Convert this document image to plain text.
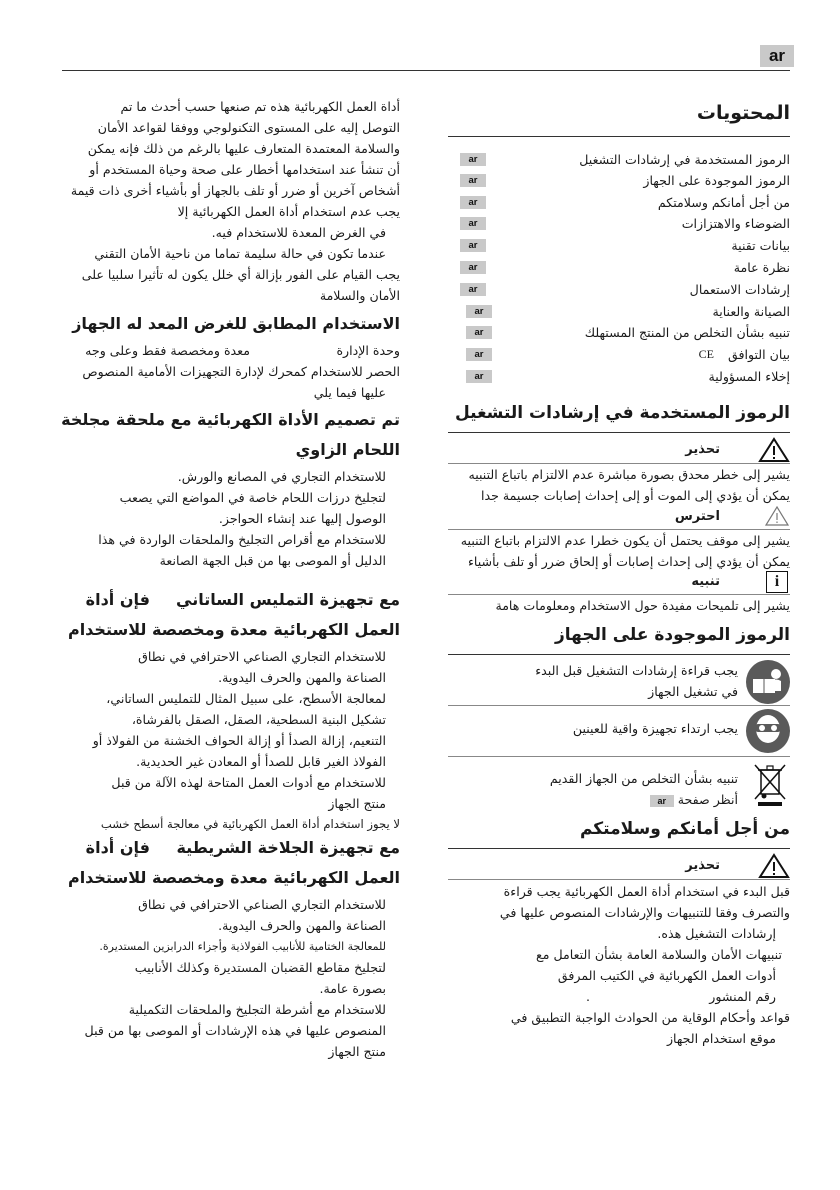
ar
أداة العمل الكهربائية هذه تم صنعها حسب أحدث ما تم
التوصل إليه على المستوى التكنولوجي ووفقا لقواعد الأمان
والسلامة المعتمدة المتعارف عليها بالرغم من ذلك فإنه يمكن
أن تنشأ عند استخدامها أخطار على صحة وحياة المستخدم أو
أشخاص آخرين أو ضرر أو تلف بالجهاز أو بأشياء أخرى ذات قيمة
يجب عدم استخدام أداة العمل الكهربائية إلا
في الغرض المعدة للاستخدام فيه.
عندما تكون في حالة سليمة تماما من ناحية الأمان التقني
يجب القيام على الفور بإزالة أي خلل يكون له تأثيرا سلبيا على
الأمان والسلامة
الاستخدام المطابق للغرض المعد له الجهاز
معدة ومخصصة فقط وعلى وجه	وحدة الإدارة
الحصر للاستخدام كمحرك لإدارة التجهيزات الأمامية المنصوص
عليها فيما يلي
تم تصميم الأداة الكهربائية مع ملحقة مجلخة
اللحام الزاوي
للاستخدام التجاري في المصانع والورش.
لتجليخ درزات اللحام خاصة في المواضع التي يصعب
الوصول إليها عند إنشاء الحواجز.
للاستخدام مع أقراص التجليخ والملحقات الواردة في هذا
الدليل أو الموصى بها من قبل الجهة الصانعة
مع تجهيزة التمليس الساتاني
فإن أداة
العمل الكهربائية معدة ومخصصة للاستخدام
للاستخدام التجاري الصناعي الاحترافي في نطاق
الصناعة والمهن والحرف اليدوية.
لمعالجة الأسطح، على سبيل المثال للتمليس الساتاني،
تشكيل البنية السطحية، الصقل، الصقل بالفرشاة،
التنعيم، إزالة الصدأ أو إزالة الحواف الخشنة من الفولاذ أو
الفولاذ الغير قابل للصدأ أو المعادن غير الحديدية.
للاستخدام مع أدوات العمل المتاحة لهذه الآلة من قبل
منتج الجهاز
لا يجوز استخدام أداة العمل الكهربائية في معالجة أسطح خشب
مع تجهيزة الجلاخة الشريطية
فإن أداة
العمل الكهربائية معدة ومخصصة للاستخدام
للاستخدام التجاري الصناعي الاحترافي في نطاق
الصناعة والمهن والحرف اليدوية.
للمعالجة الختامية للأنابيب الفولاذية وأجزاء الدرابزين المستديرة.
لتجليخ مقاطع القضبان المستديرة وكذلك الأنابيب
بصورة عامة.
للاستخدام مع أشرطة التجليخ والملحقات التكميلية
المنصوص عليها في هذه الإرشادات أو الموصى بها من قبل
منتج الجهاز
المحتويات
الرموز المستخدمة في إرشادات التشغيل
ar
الرموز الموجودة على الجهاز
ar
من أجل أمانكم وسلامتكم
ar
الضوضاء والاهتزازات
ar
بيانات تقنية
ar
نظرة عامة
ar
إرشادات الاستعمال
ar
الصيانة والعناية
ar
تنبيه بشأن التخلص من المنتج المستهلك
ar
بيان التوافق
CE
ar
إخلاء المسؤولية
ar
الرموز المستخدمة في إرشادات التشغيل
تحذير
يشير إلى خطر محدق بصورة مباشرة عدم الالتزام باتباع التنبيه
يمكن أن يؤدي إلى الموت أو إلى إحداث إصابات جسيمة جدا
احترس
يشير إلى موقف يحتمل أن يكون خطرا عدم الالتزام باتباع التنبيه
يمكن أن يؤدي إلى إحداث إصابات أو إلحاق ضرر أو تلف بأشياء
i
تنبيه
يشير إلى تلميحات مفيدة حول الاستخدام ومعلومات هامة
الرموز الموجودة على الجهاز
يجب قراءة إرشادات التشغيل قبل البدء
في تشغيل الجهاز
يجب ارتداء تجهيزة واقية للعينين
تنبيه بشأن التخلص من الجهاز القديم
أنظر صفحة ar
من أجل أمانكم وسلامتكم
تحذير
قبل البدء في استخدام أداة العمل الكهربائية يجب قراءة
والتصرف وفقا للتنبيهات والإرشادات المنصوص عليها في
إرشادات التشغيل هذه.
تنبيهات الأمان والسلامة العامة بشأن التعامل مع
أدوات العمل الكهربائية في الكتيب المرفق
رقم المنشور
.
قواعد وأحكام الوقاية من الحوادث الواجبة التطبيق في
موقع استخدام الجهاز
